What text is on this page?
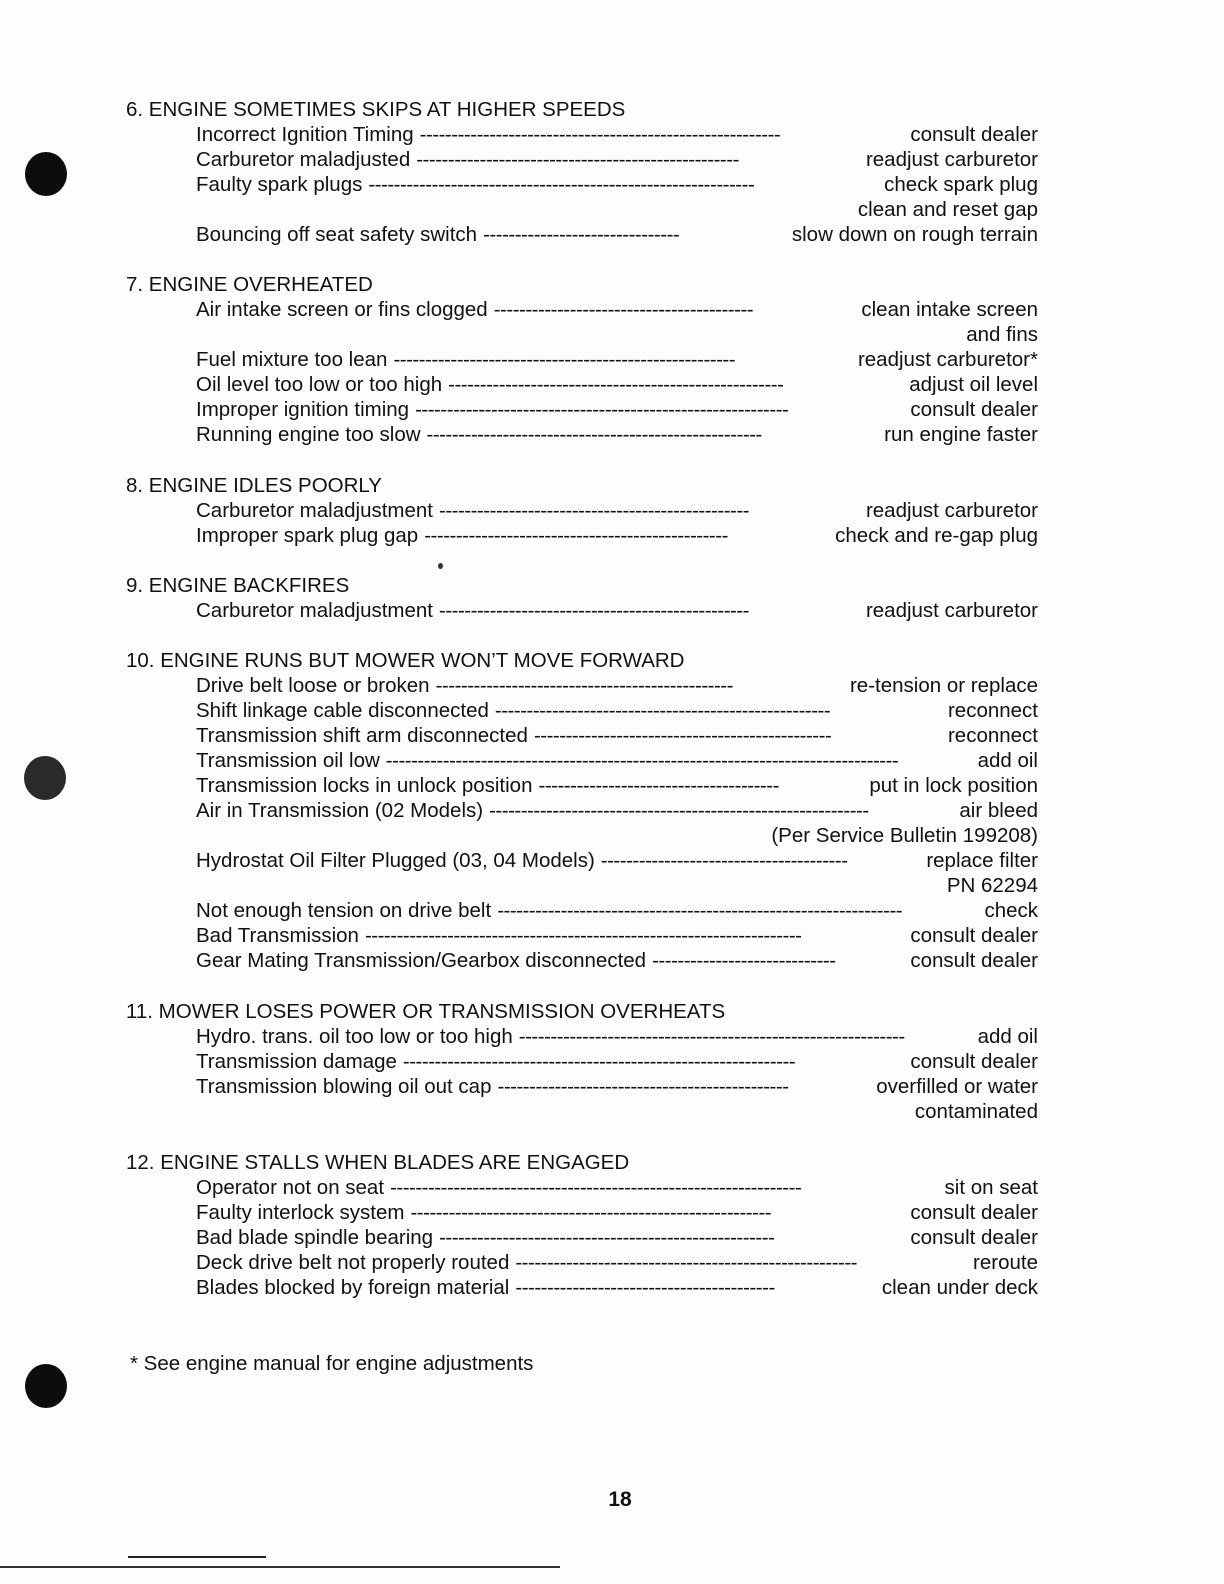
6. ENGINE SOMETIMES SKIPS AT HIGHER SPEEDS
Incorrect Ignition Timing ---------------------------------------------------------	consult dealer
Carburetor maladjusted ---------------------------------------------------	readjust carburetor
Faulty spark plugs -------------------------------------------------------------	check spark plug
clean and reset gap
Bouncing off seat safety switch -------------------------------	slow down on rough terrain
7. ENGINE OVERHEATED
Air intake screen or fins clogged -----------------------------------------	clean intake screen
and fins
Fuel mixture too lean ------------------------------------------------------	readjust carburetor*
Oil level too low or too high -----------------------------------------------------	adjust oil level
Improper ignition timing -----------------------------------------------------------	consult dealer
Running engine too slow -----------------------------------------------------	run engine faster
8. ENGINE IDLES POORLY
Carburetor maladjustment -------------------------------------------------	readjust carburetor
Improper spark plug gap ------------------------------------------------	check and re-gap plug
9. ENGINE BACKFIRES
Carburetor maladjustment -------------------------------------------------	readjust carburetor
10. ENGINE RUNS BUT MOWER WON’T MOVE FORWARD
Drive belt loose or broken -----------------------------------------------	re-tension or replace
Shift linkage cable disconnected -----------------------------------------------------	reconnect
Transmission shift arm disconnected -----------------------------------------------	reconnect
Transmission oil low ---------------------------------------------------------------------------------	add oil
Transmission locks in unlock position --------------------------------------	put in lock position
Air in Transmission (02 Models) ------------------------------------------------------------	air bleed
(Per Service Bulletin 199208)
Hydrostat Oil Filter Plugged (03, 04 Models) ---------------------------------------	replace filter
PN 62294
Not enough tension on drive belt ----------------------------------------------------------------	check
Bad Transmission ---------------------------------------------------------------------	consult dealer
Gear Mating Transmission/Gearbox disconnected -----------------------------	consult dealer
11. MOWER LOSES POWER OR TRANSMISSION OVERHEATS
Hydro. trans. oil too low or too high -------------------------------------------------------------	add oil
Transmission damage --------------------------------------------------------------	consult dealer
Transmission blowing oil out cap ----------------------------------------------	overfilled or water
contaminated
12. ENGINE STALLS WHEN BLADES ARE ENGAGED
Operator not on seat -----------------------------------------------------------------	sit on seat
Faulty interlock system ---------------------------------------------------------	consult dealer
Bad blade spindle bearing -----------------------------------------------------	consult dealer
Deck drive belt not properly routed ------------------------------------------------------	reroute
Blades blocked by foreign material -----------------------------------------	clean under deck
* See engine manual for engine adjustments
18
